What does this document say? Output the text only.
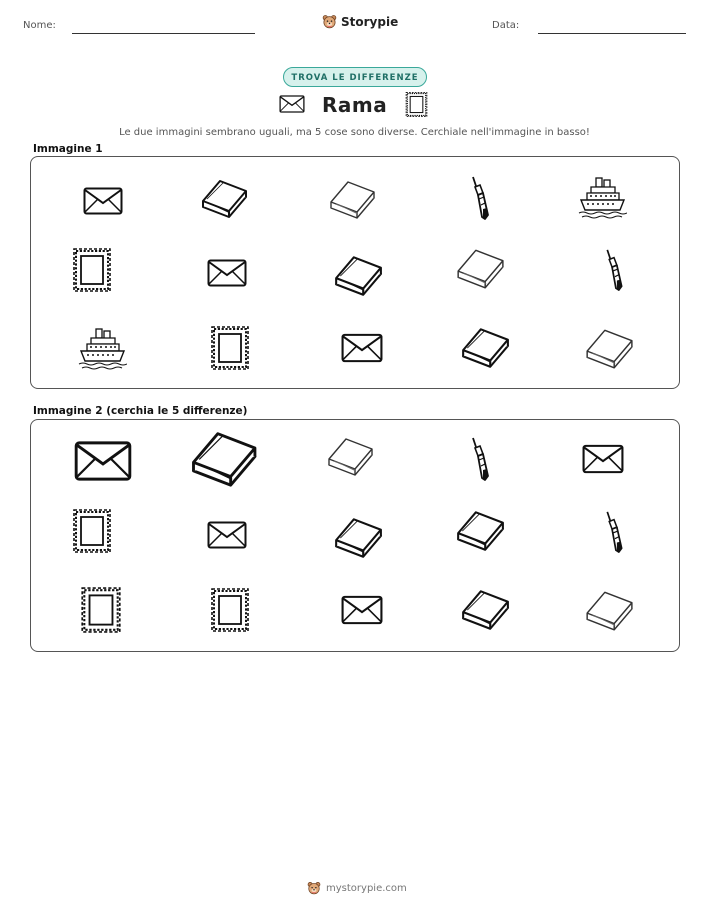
Nome:	Storypie	Data:
TROVA LE DIFFERENZE
Rama
Le due immagini sembrano uguali, ma 5 cose sono diverse. Cerchiale nell'immagine in basso!
Immagine 1
Immagine 2 (cerchia le 5 differenze)
mystorypie.com
